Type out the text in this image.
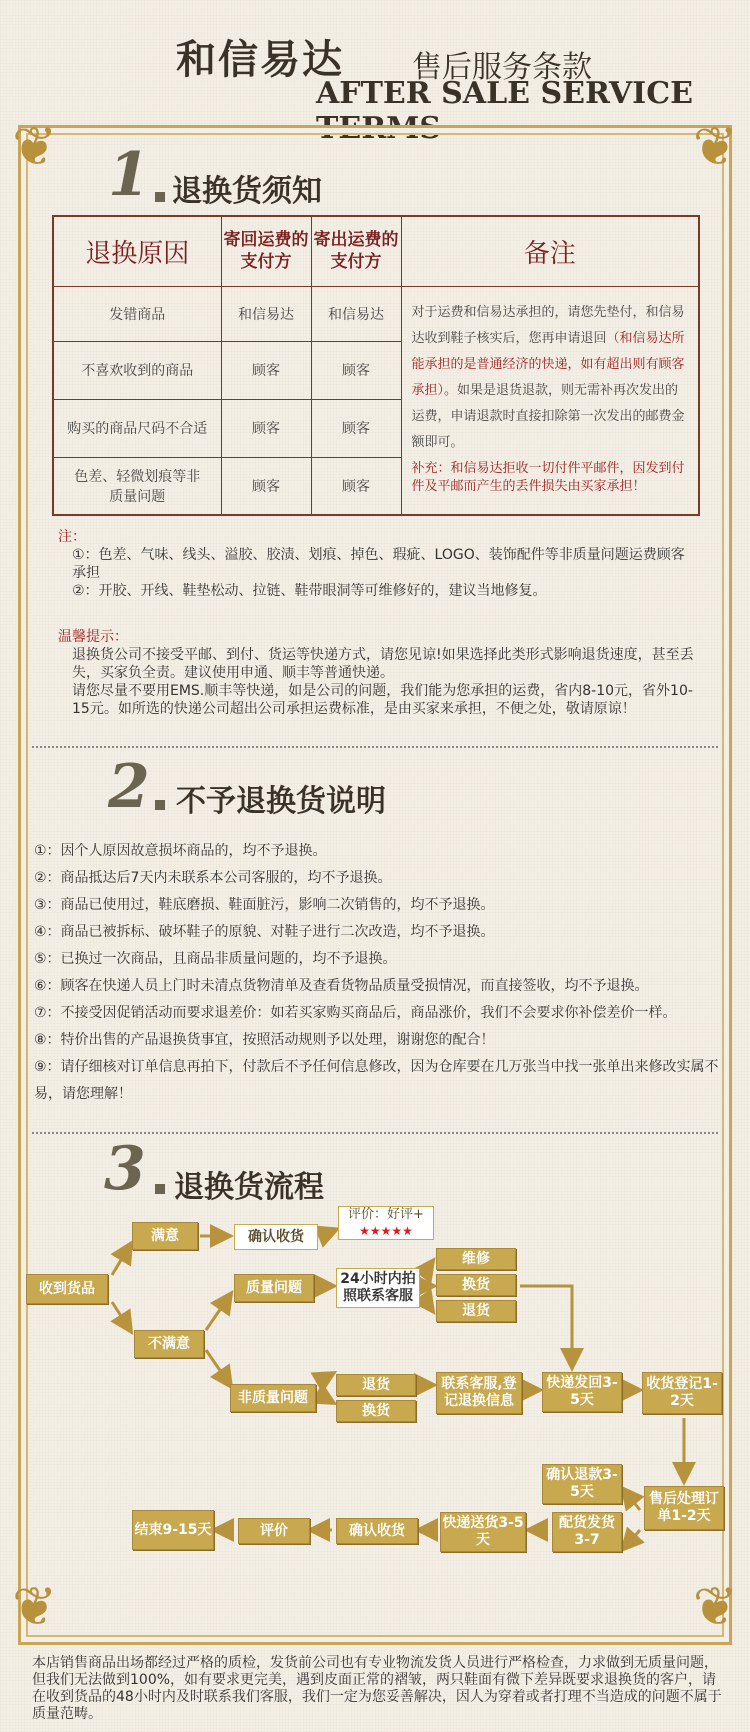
和信易达 售后服务条款
AFTER SALE SERVICE TERMS
❦	❦
❦	❦
1 退换货须知
退换原因	寄回运费的支付方	寄出运费的支付方	备注
发错商品	和信易达	和信易达	对于运费和信易达承担的，请您先垫付，和信易达收到鞋子核实后，您再申请退回（和信易达所能承担的是普通经济的快递，如有超出则有顾客承担）。如果是退货退款，则无需补再次发出的运费，申请退款时直接扣除第一次发出的邮费金额即可。
补充：和信易达拒收一切付件平邮件，因发到付件及平邮而产生的丢件损失由买家承担！
不喜欢收到的商品	顾客	顾客	
购买的商品尺码不合适	顾客	顾客	
色差、轻微划痕等非质量问题	顾客	顾客	
注：
①：色差、气味、线头、溢胶、胶渍、划痕、掉色、瑕疵、LOGO、装饰配件等非质量问题运费顾客承担
②：开胶、开线、鞋垫松动、拉链、鞋带眼洞等可维修好的，建议当地修复。
温馨提示：
退换货公司不接受平邮、到付、货运等快递方式，请您见谅!如果选择此类形式影响退货速度，甚至丢失，买家负全责。建议使用申通、顺丰等普通快递。
请您尽量不要用EMS.顺丰等快递，如是公司的问题，我们能为您承担的运费，省内8-10元，省外10-15元。如所选的快递公司超出公司承担运费标准，是由买家来承担，不便之处，敬请原谅！
2 不予退换货说明
①：因个人原因故意损坏商品的，均不予退换。
②：商品抵达后7天内未联系本公司客服的，均不予退换。
③：商品已使用过，鞋底磨损、鞋面脏污，影响二次销售的，均不予退换。
④：商品已被拆标、破坏鞋子的原貌、对鞋子进行二次改造，均不予退换。
⑤：已换过一次商品，且商品非质量问题的，均不予退换。
⑥：顾客在快递人员上门时未清点货物清单及查看货物品质量受损情况，而直接签收，均不予退换。
⑦：不接受因促销活动而要求退差价：如若买家购买商品后，商品涨价，我们不会要求你补偿差价一样。
⑧：特价出售的产品退换货事宜，按照活动规则予以处理，谢谢您的配合！
⑨：请仔细核对订单信息再拍下，付款后不予任何信息修改，因为仓库要在几万张当中找一张单出来修改实属不易，请您理解！
3 退换货流程
收到货品
满意	确认收货
评价：好评+
★★★★★
不满意
质量问题
24小时内拍照联系客服
维修
换货
退货
非质量问题
退货
换货
联系客服,登记退换信息
快递发回3-5天
收货登记1-2天
确认退款3-5天	售后处理订单1-2天
配货发货3-7
快递送货3-5天
确认收货
评价
结束9-15天
本店销售商品出场都经过严格的质检，发货前公司也有专业物流发货人员进行严格检查，力求做到无质量问题，但我们无法做到100%，如有要求更完美，遇到皮面正常的褶皱，两只鞋面有微下差异既要求退换货的客户，请在收到货品的48小时内及时联系我们客服，我们一定为您妥善解决，因人为穿着或者打理不当造成的问题不属于质量范畴。
